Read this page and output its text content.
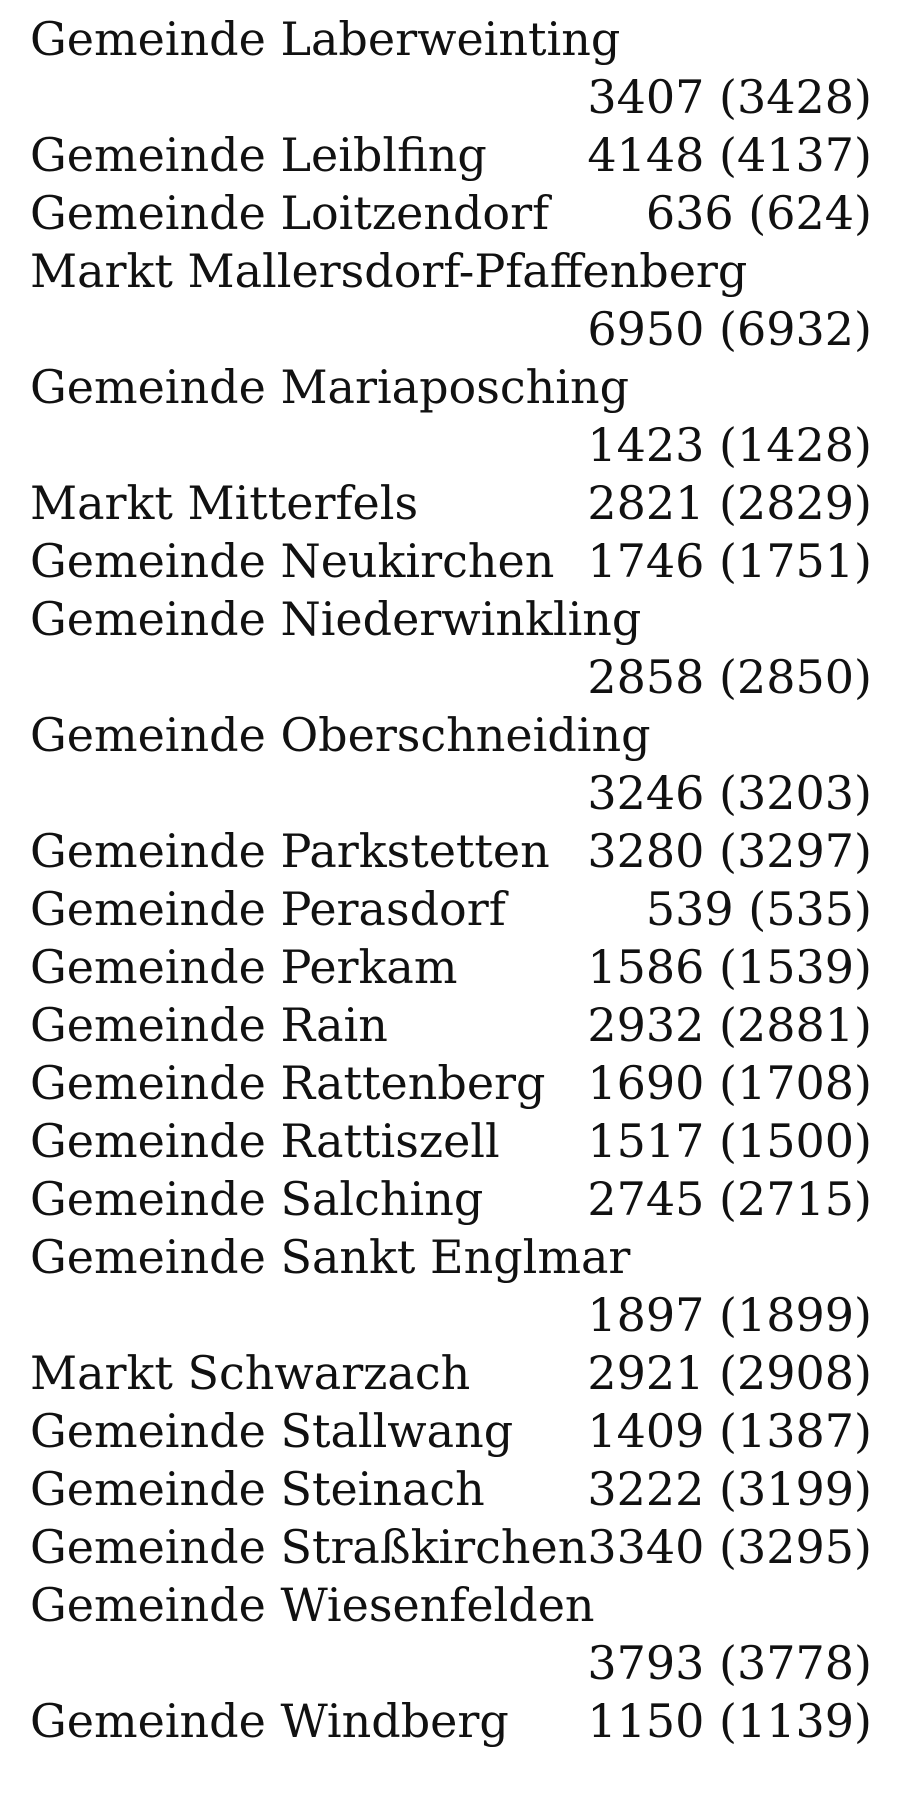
Gemeinde Laberweinting
3407 (3428)
Gemeinde Leiblfing 4148 (4137)
Gemeinde Loitzendorf 636 (624)
Markt Mallersdorf-Pfaffenberg
6950 (6932)
Gemeinde Mariaposching
1423 (1428)
Markt Mitterfels	2821 (2829)
Gemeinde Neukirchen 1746 (1751)
Gemeinde Niederwinkling
2858 (2850)
Gemeinde Oberschneiding
3246 (3203)
Gemeinde Parkstetten 3280 (3297)
Gemeinde Perasdorf	539 (535)
Gemeinde Perkam	1586 (1539)
Gemeinde Rain	2932 (2881)
Gemeinde Rattenberg 1690 (1708)
Gemeinde Rattiszell 1517 (1500)
Gemeinde Salching 2745 (2715)
Gemeinde Sankt Englmar
1897 (1899)
Markt Schwarzach	2921 (2908)
Gemeinde Stallwang 1409 (1387)
Gemeinde Steinach 3222 (3199)
Gemeinde Straßkirchen 3340 (3295)
Gemeinde Wiesenfelden
3793 (3778)
Gemeinde Windberg 1150 (1139)
